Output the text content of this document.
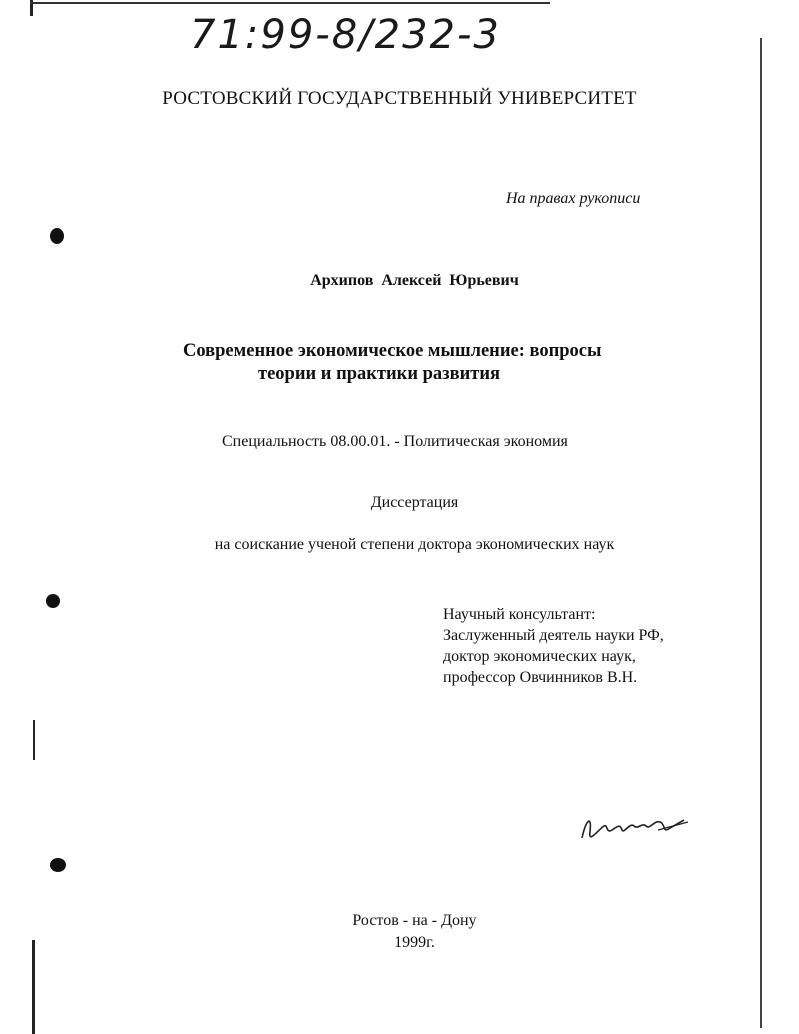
71:99-8/232-3
РОСТОВСКИЙ ГОСУДАРСТВЕННЫЙ УНИВЕРСИТЕТ
На правах рукописи
Архипов Алексей Юрьевич
Современное экономическое мышление: вопросы
теории и практики развития
Специальность 08.00.01. - Политическая экономия
Диссертация
на соискание ученой степени доктора экономических наук
Научный консультант:
Заслуженный деятель науки РФ,
доктор экономических наук,
профессор Овчинников В.Н.
Ростов - на - Дону
1999г.
